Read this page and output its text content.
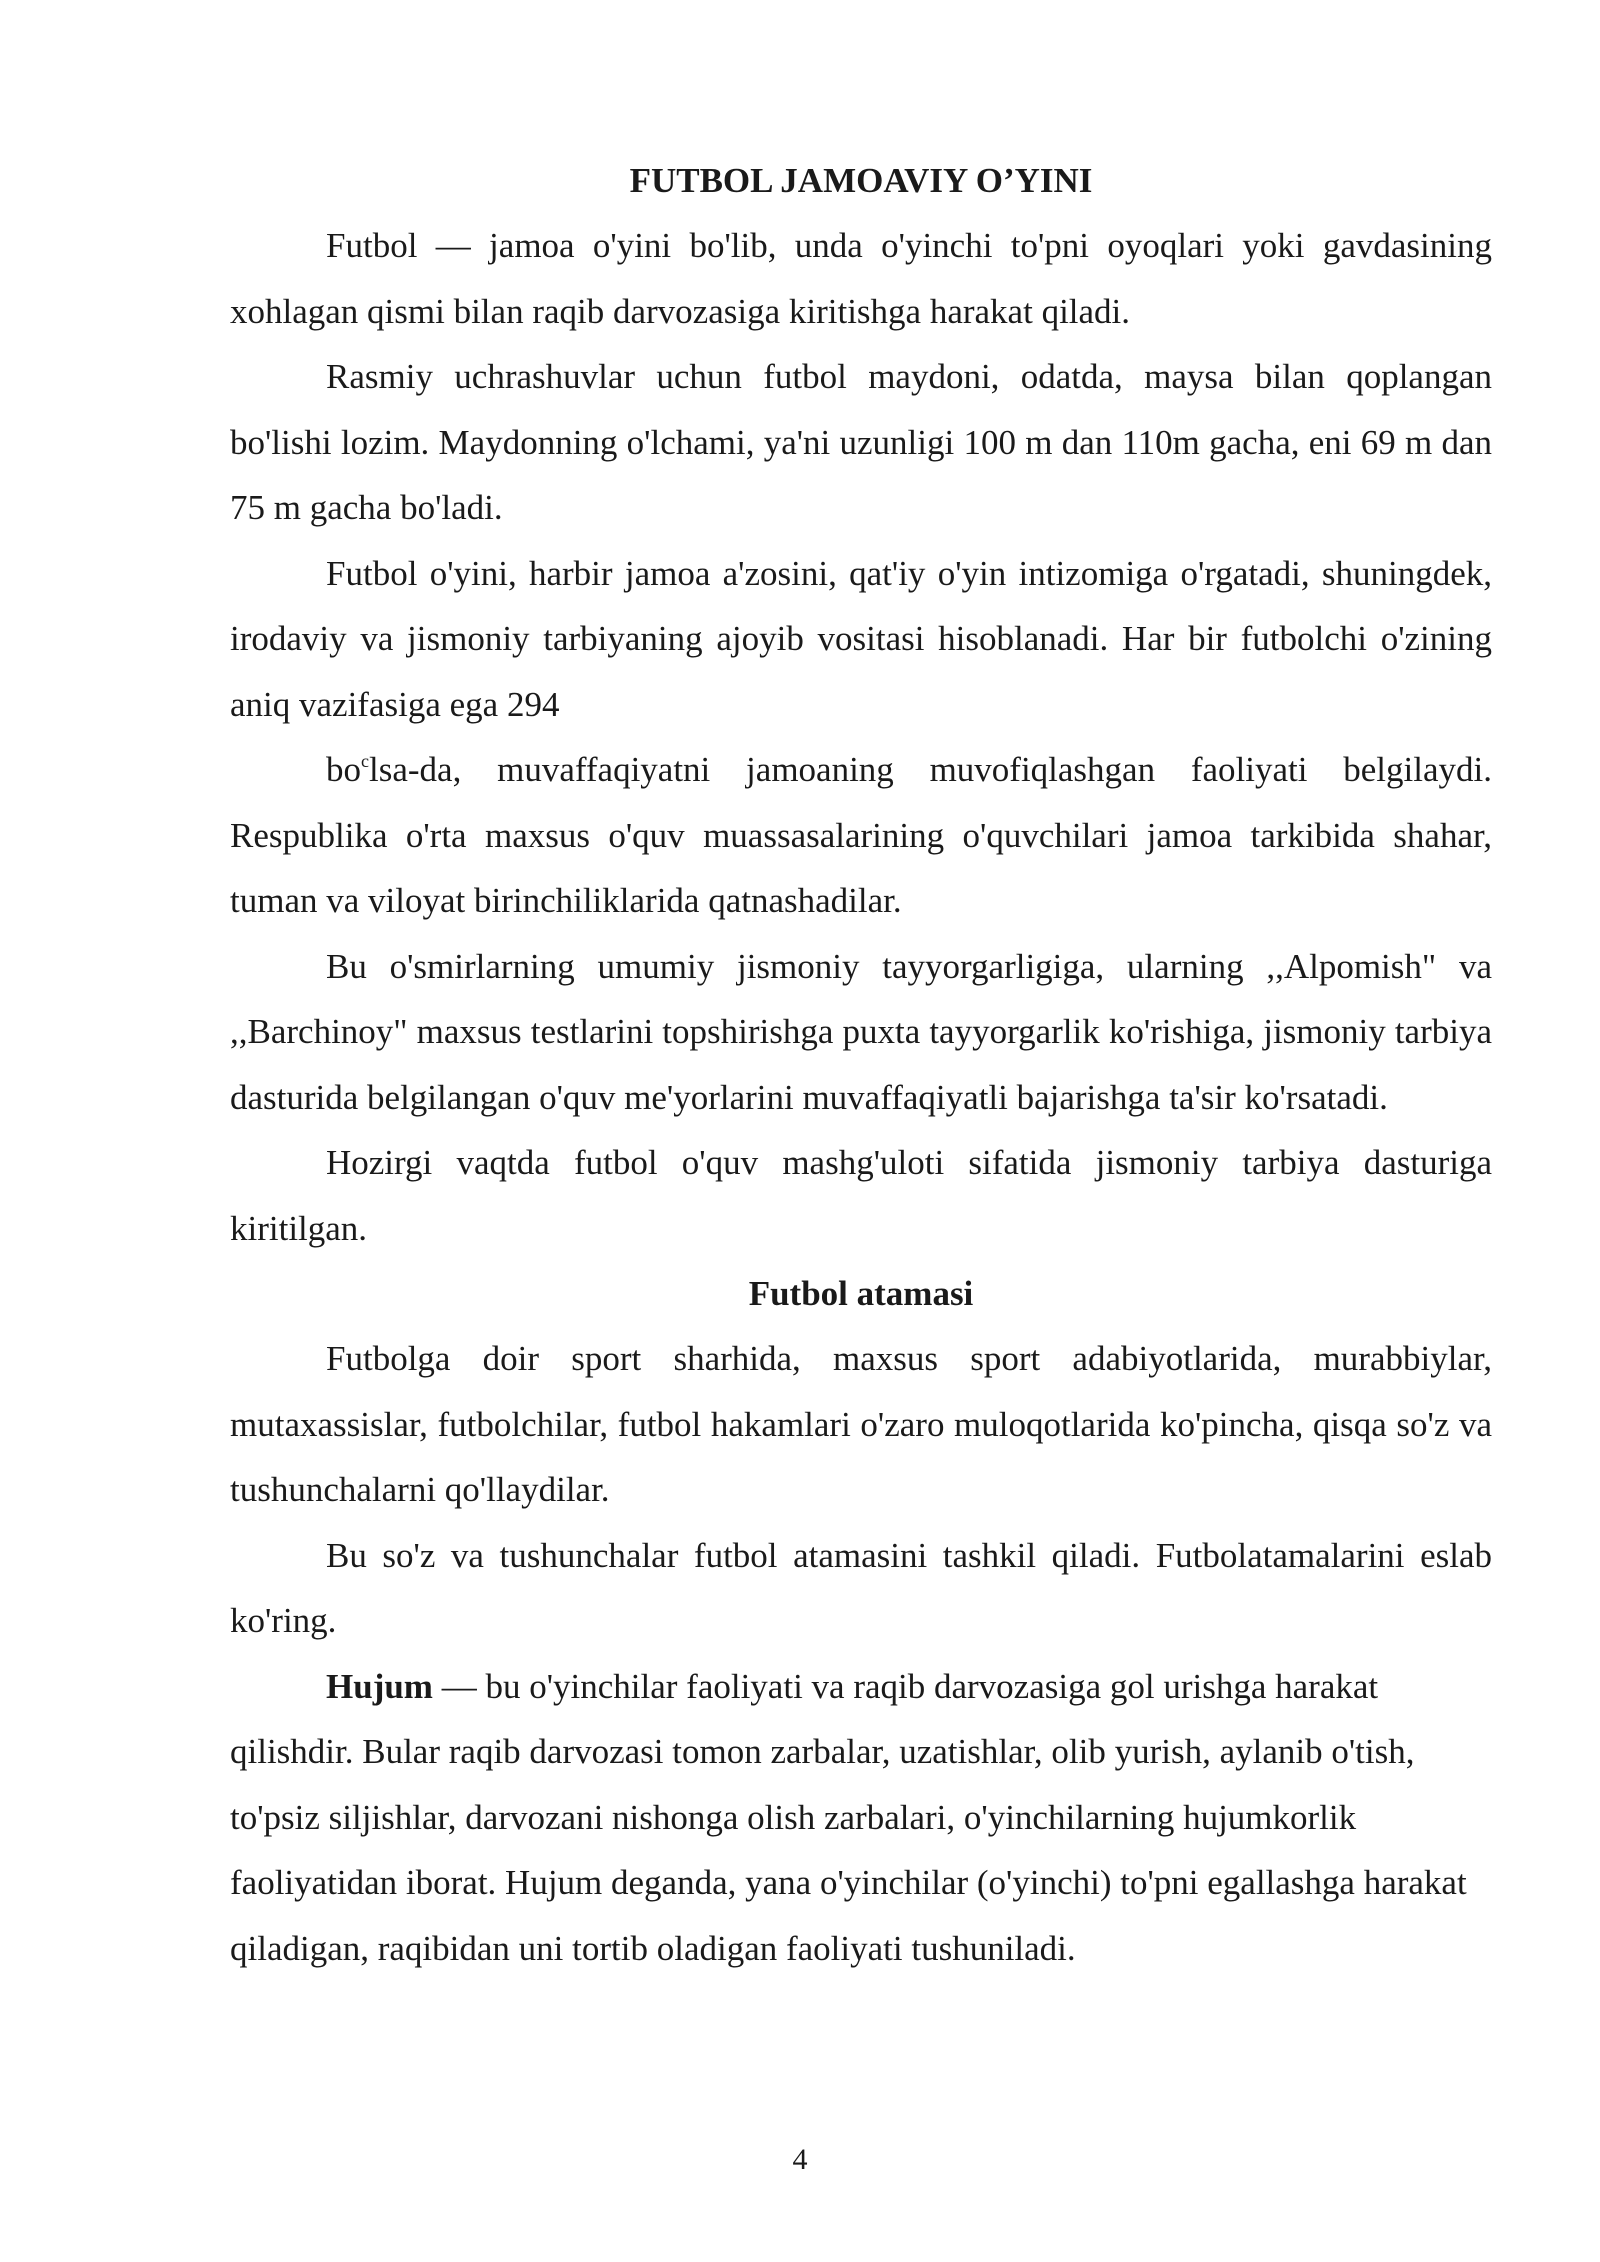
FUTBOL JAMOAVIY O’YINI

Futbol — jamoa o'yini bo'lib, unda o'yinchi to'pni oyoqlari yoki gavdasining xohlagan qismi bilan raqib darvozasiga kiritishga harakat qiladi.

Rasmiy uchrashuvlar uchun futbol maydoni, odatda, maysa bilan qoplangan bo'lishi lozim. Maydonning o'lchami, ya'ni uzunligi 100 m dan 110m gacha, eni 69 m dan 75 m gacha bo'ladi.

Futbol o'yini, harbir jamoa a'zosini, qat'iy o'yin intizomiga o'rgatadi, shuningdek, irodaviy va jismoniy tarbiyaning ajoyib vositasi hisoblanadi. Har bir futbolchi o'zining aniq vazifasiga ega 294

$bo^clsa-da$, muvaffaqiyatni jamoaning muvofiqlashgan faoliyati belgilaydi. Respublika o'rta maxsus o'quv muassasalarining o'quvchilari jamoa tarkibida shahar, tuman va viloyat birinchiliklarida qatnashadilar.

Bu o'smirlarning umumiy jismoniy tayyorgarligiga, ularning ,,Alpomish" va ,,Barchinoy" maxsus testlarini topshirishga puxta tayyorgarlik ko'rishiga, jismoniy tarbiya dasturida belgilangan o'quv me'yorlarini muvaffaqiyatli bajarishga ta'sir ko'rsatadi.

Hozirgi vaqtda futbol o'quv mashg'uloti sifatida jismoniy tarbiya dasturiga kiritilgan.

Futbol atamasi

Futbolga doir sport sharhida, maxsus sport adabiyotlarida, murabbiylar, mutaxassislar, futbolchilar, futbol hakamlari o'zaro muloqotlarida ko'pincha, qisqa so'z va tushunchalarni qo'llaydilar.

Bu so'z va tushunchalar futbol atamasini tashkil qiladi. Futbolatamalarini eslab ko'ring.

Hujum — bu o'yinchilar faoliyati va raqib darvozasiga gol urishga harakat qilishdir. Bular raqib darvozasi tomon zarbalar, uzatishlar, olib yurish, aylanib o'tish, to'psiz siljishlar, darvozani nishonga olish zarbalari, o'yinchilarning hujumkorlik faoliyatidan iborat. Hujum deganda, yana o'yinchilar (o'yinchi) to'pni egallashga harakat qiladigan, raqibidan uni tortib oladigan faoliyati tushuniladi.

4
